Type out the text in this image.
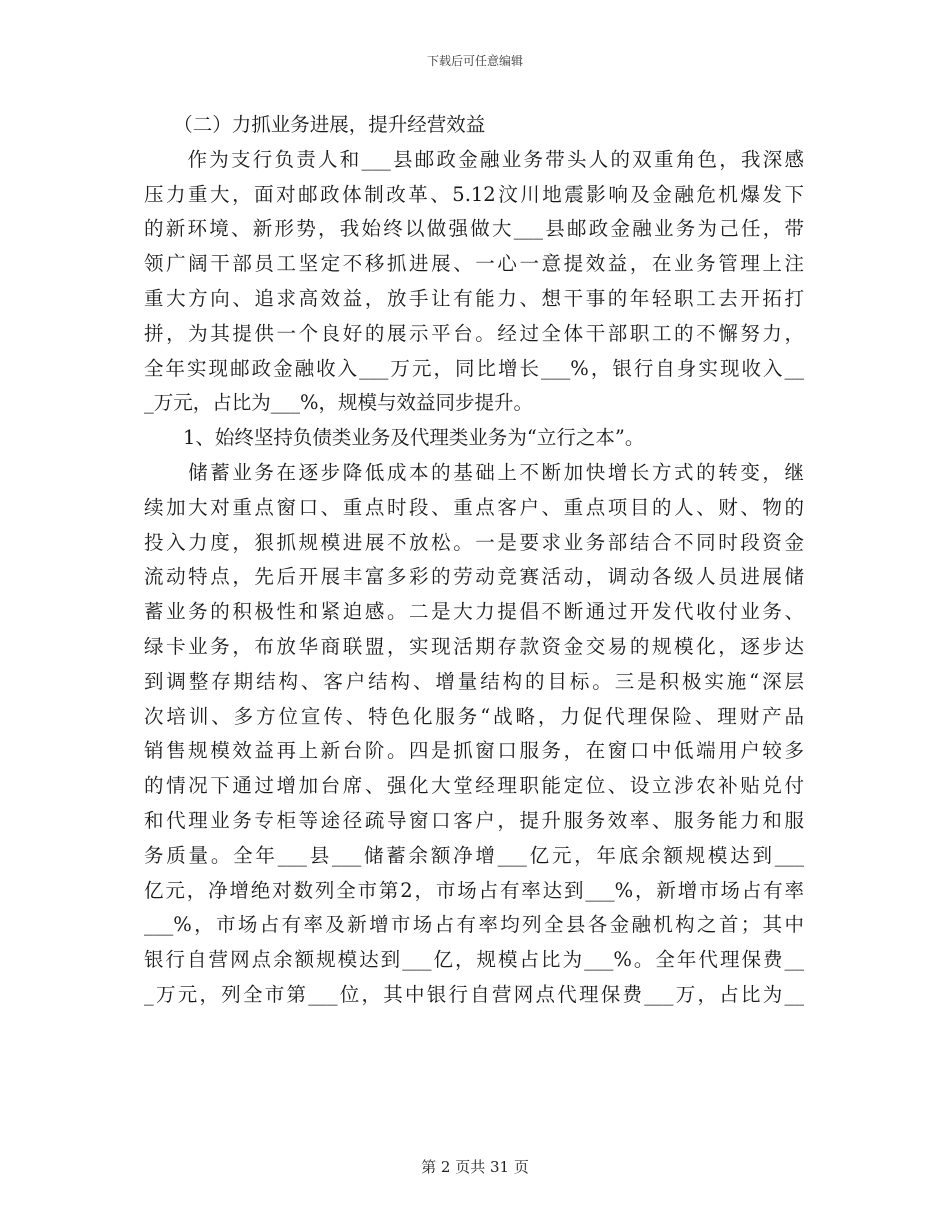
下载后可任意编辑
　　（二）力抓业务进展，提升经营效益
　　作为支行负责人和___县邮政金融业务带头人的双重角色，我深感
压力重大，面对邮政体制改革、5.12汶川地震影响及金融危机爆发下
的新环境、新形势，我始终以做强做大___县邮政金融业务为己任，带
领广阔干部员工坚定不移抓进展、一心一意提效益，在业务管理上注
重大方向、追求高效益，放手让有能力、想干事的年轻职工去开拓打
拼，为其提供一个良好的展示平台。经过全体干部职工的不懈努力，
全年实现邮政金融收入___万元，同比增长___%，银行自身实现收入__
_万元，占比为___%，规模与效益同步提升。
　　1、始终坚持负债类业务及代理类业务为“立行之本”。
　　储蓄业务在逐步降低成本的基础上不断加快增长方式的转变，继
续加大对重点窗口、重点时段、重点客户、重点项目的人、财、物的
投入力度，狠抓规模进展不放松。一是要求业务部结合不同时段资金
流动特点，先后开展丰富多彩的劳动竞赛活动，调动各级人员进展储
蓄业务的积极性和紧迫感。二是大力提倡不断通过开发代收付业务、
绿卡业务，布放华商联盟，实现活期存款资金交易的规模化，逐步达
到调整存期结构、客户结构、增量结构的目标。三是积极实施“深层
次培训、多方位宣传、特色化服务“战略，力促代理保险、理财产品
销售规模效益再上新台阶。四是抓窗口服务，在窗口中低端用户较多
的情况下通过增加台席、强化大堂经理职能定位、设立涉农补贴兑付
和代理业务专柜等途径疏导窗口客户，提升服务效率、服务能力和服
务质量。全年___县___储蓄余额净增___亿元，年底余额规模达到___
亿元，净增绝对数列全市第2，市场占有率达到___%，新增市场占有率
___%，市场占有率及新增市场占有率均列全县各金融机构之首；其中
银行自营网点余额规模达到___亿，规模占比为___%。全年代理保费__
_万元，列全市第___位，其中银行自营网点代理保费___万，占比为__
第 2 页共 31 页
